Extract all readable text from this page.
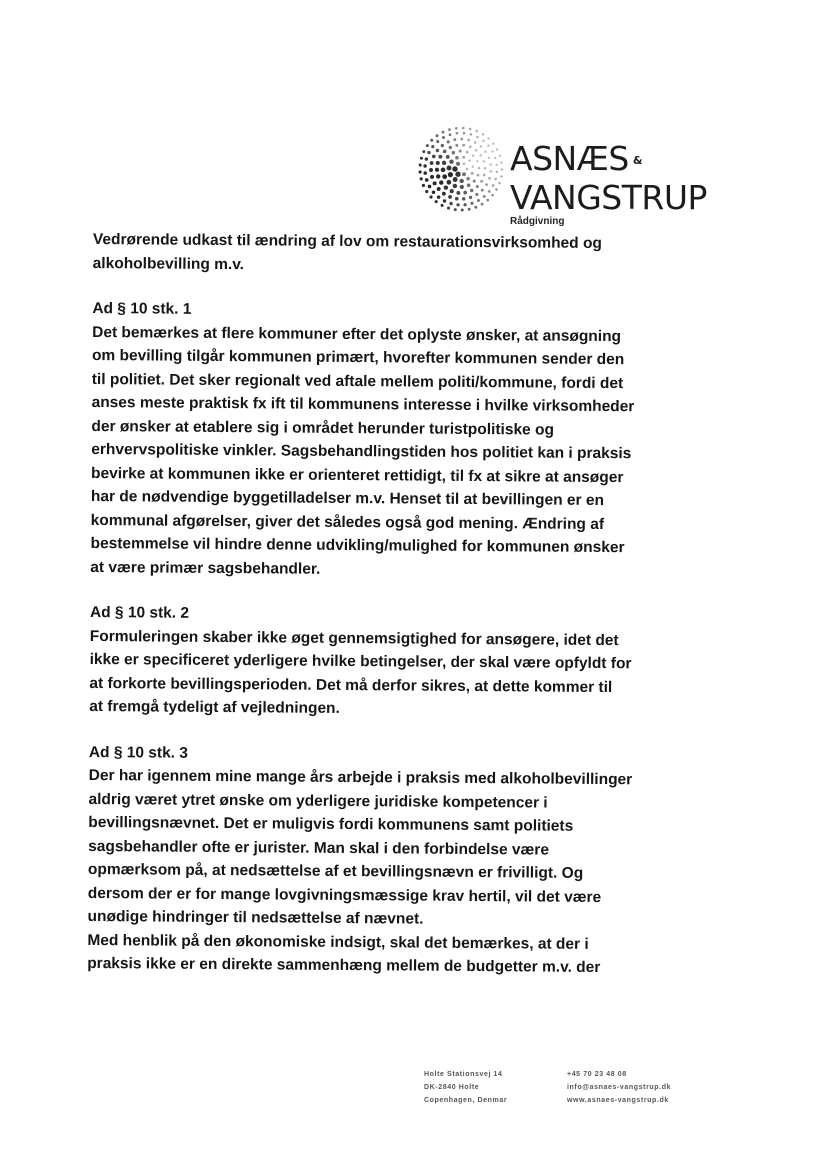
ASNÆS &
VANGSTRUP
Rådgivning
Vedrørende udkast til ændring af lov om restaurationsvirksomhed og
alkoholbevilling m.v.
Ad § 10 stk. 1
Det bemærkes at flere kommuner efter det oplyste ønsker, at ansøgning
om bevilling tilgår kommunen primært, hvorefter kommunen sender den
til politiet. Det sker regionalt ved aftale mellem politi/kommune, fordi det
anses meste praktisk fx ift til kommunens interesse i hvilke virksomheder
der ønsker at etablere sig i området herunder turistpolitiske og
erhvervspolitiske vinkler. Sagsbehandlingstiden hos politiet kan i praksis
bevirke at kommunen ikke er orienteret rettidigt, til fx at sikre at ansøger
har de nødvendige byggetilladelser m.v. Henset til at bevillingen er en
kommunal afgørelser, giver det således også god mening. Ændring af
bestemmelse vil hindre denne udvikling/mulighed for kommunen ønsker
at være primær sagsbehandler.
Ad § 10 stk. 2
Formuleringen skaber ikke øget gennemsigtighed for ansøgere, idet det
ikke er specificeret yderligere hvilke betingelser, der skal være opfyldt for
at forkorte bevillingsperioden. Det må derfor sikres, at dette kommer til
at fremgå tydeligt af vejledningen.
Ad § 10 stk. 3
Der har igennem mine mange års arbejde i praksis med alkoholbevillinger
aldrig været ytret ønske om yderligere juridiske kompetencer i
bevillingsnævnet. Det er muligvis fordi kommunens samt politiets
sagsbehandler ofte er jurister. Man skal i den forbindelse være
opmærksom på, at nedsættelse af et bevillingsnævn er frivilligt. Og
dersom der er for mange lovgivningsmæssige krav hertil, vil det være
unødige hindringer til nedsættelse af nævnet.
Med henblik på den økonomiske indsigt, skal det bemærkes, at der i
praksis ikke er en direkte sammenhæng mellem de budgetter m.v. der
Holte Stationsvej 14
DK-2840 Holte
Copenhagen, Denmar
+45 70 23 48 08
info@asnaes-vangstrup.dk
www.asnaes-vangstrup.dk
